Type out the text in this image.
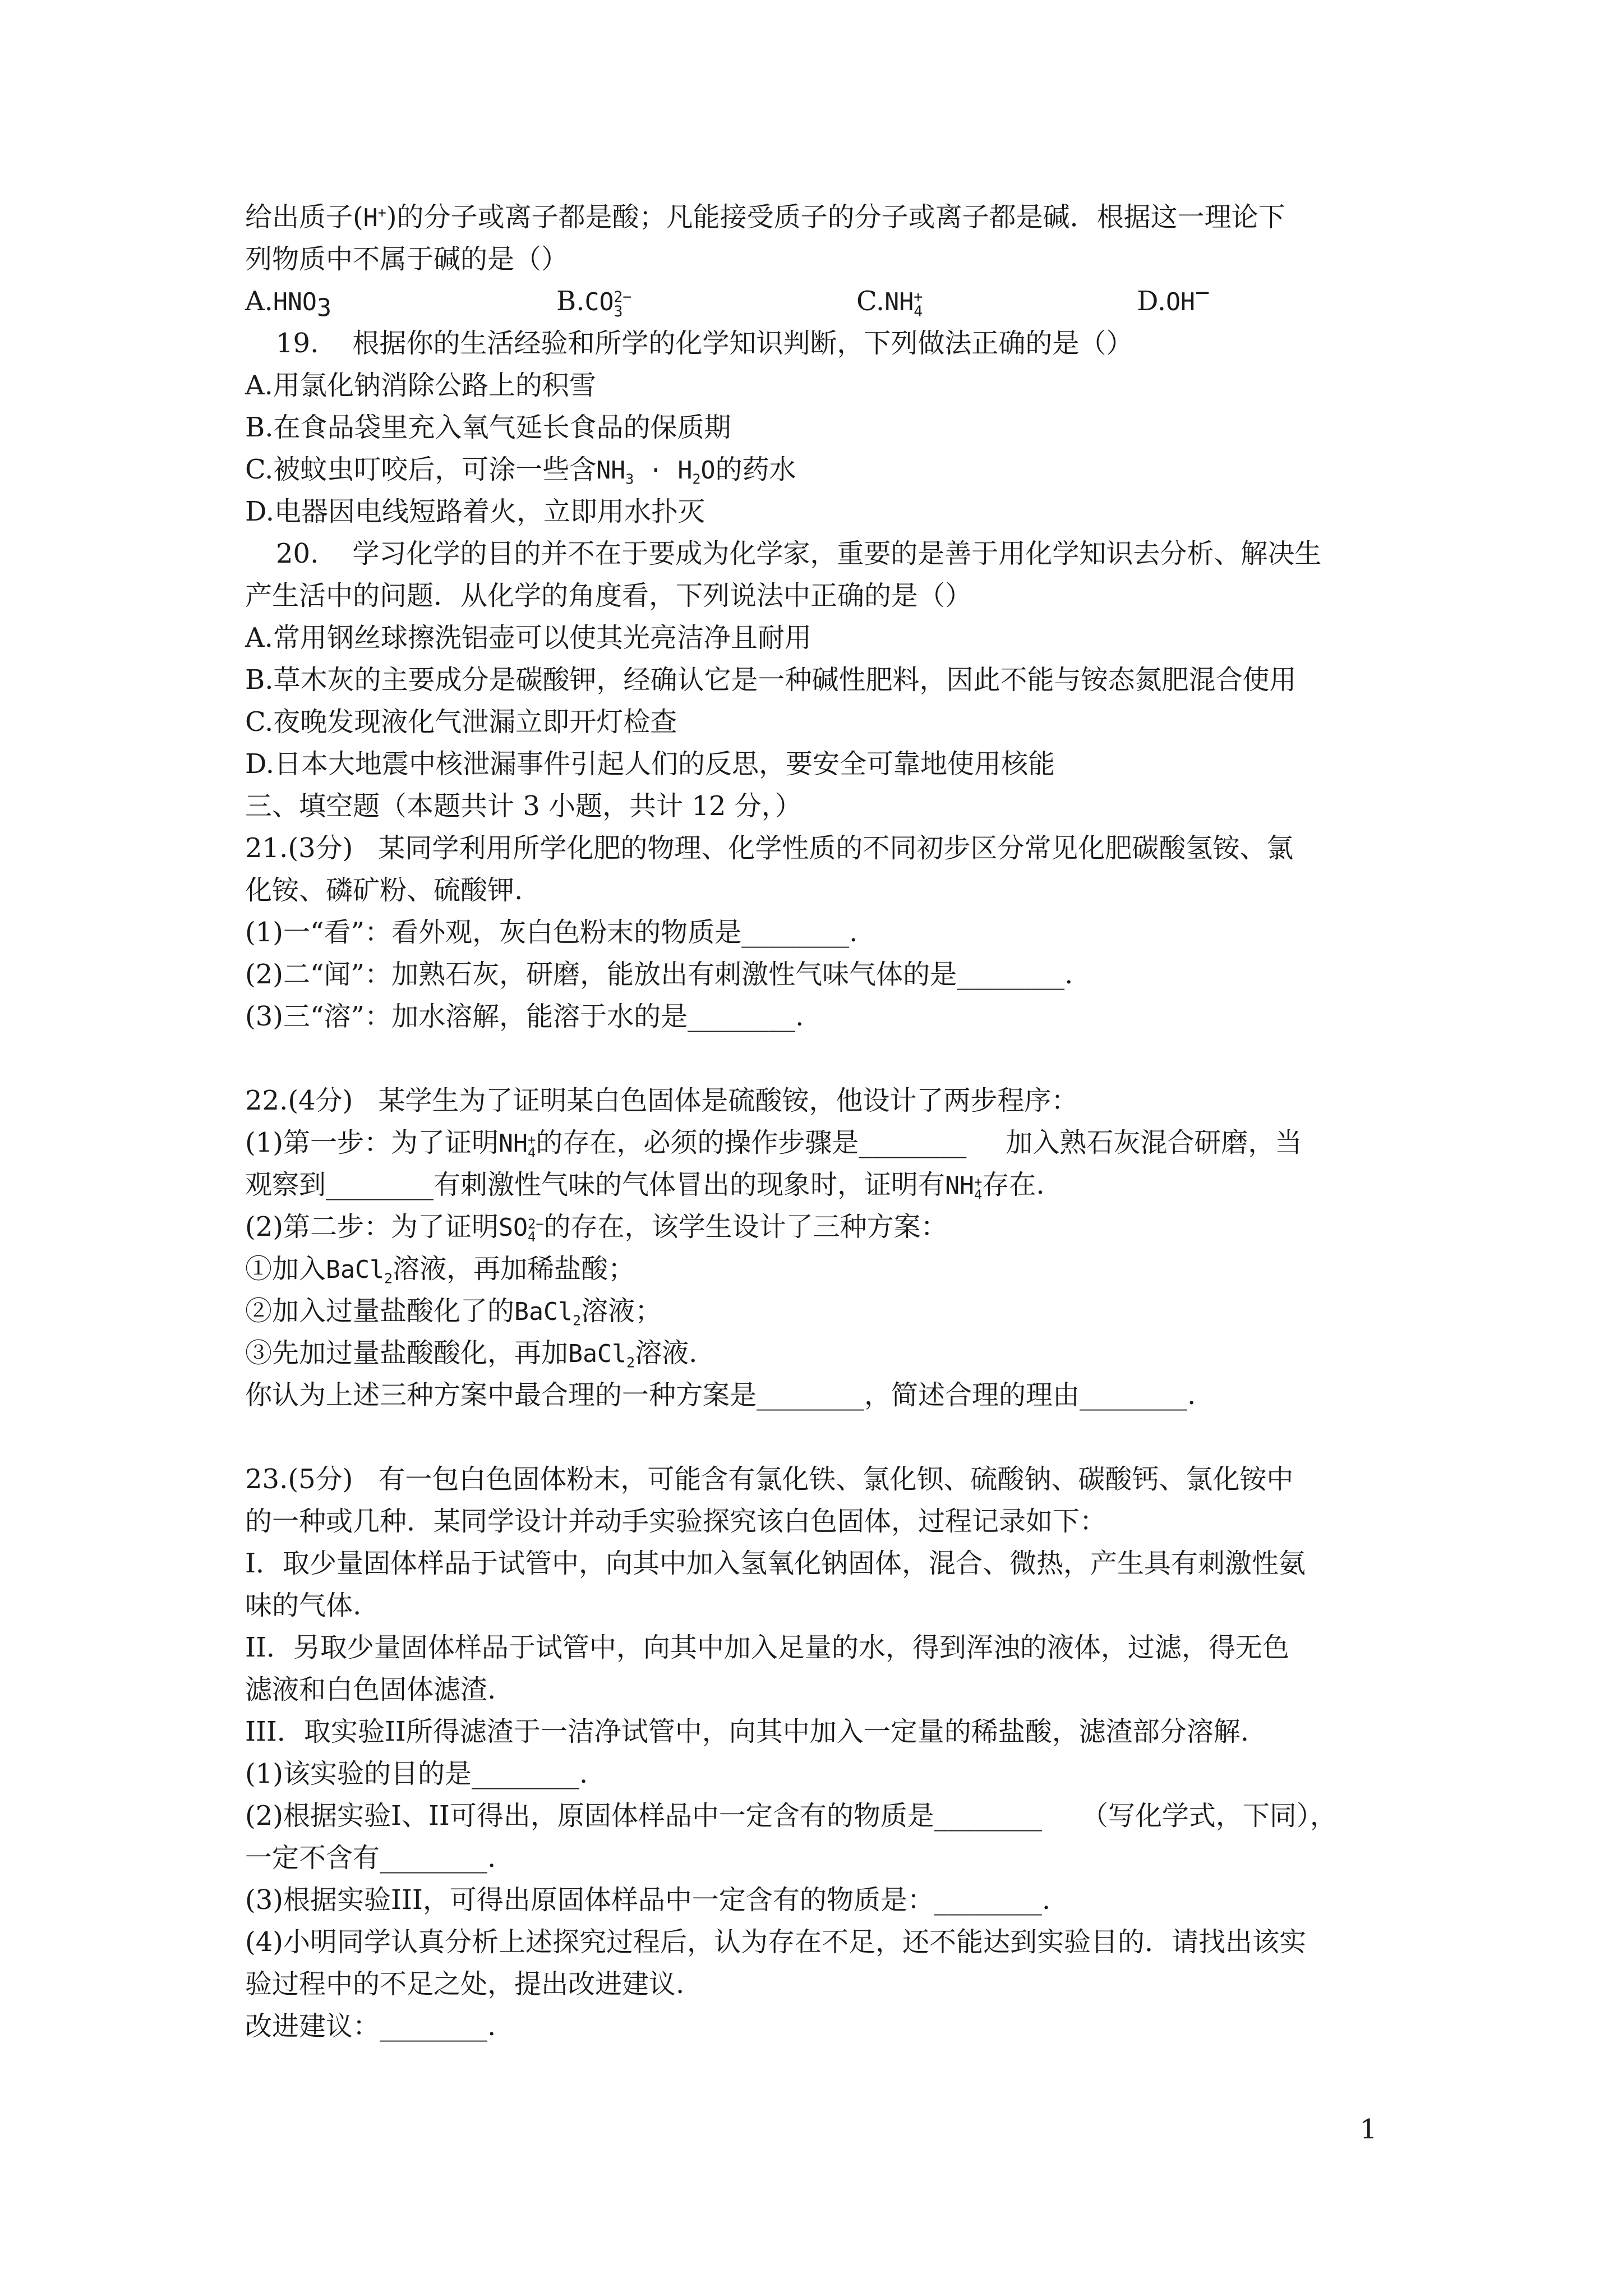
给出质子(H+)的分子或离子都是酸；凡能接受质子的分子或离子都是碱．根据这一理论下
列物质中不属于碱的是（）
$A.HNO_3$	B.CO 2−
3	C.NH +
4	D.OH−
19. 根据你的生活经验和所学的化学知识判断，下列做法正确的是（）
A.用氯化钠消除公路上的积雪
B.在食品袋里充入氧气延长食品的保质期
C.被蚊虫叮咬后，可涂一些含$NH_3 \cdot H_2O$的药水
D.电器因电线短路着火，立即用水扑灭
20. 学习化学的目的并不在于要成为化学家，重要的是善于用化学知识去分析、解决生
产生活中的问题．从化学的角度看，下列说法中正确的是（）
A.常用钢丝球擦洗铝壶可以使其光亮洁净且耐用
B.草木灰的主要成分是碳酸钾，经确认它是一种碱性肥料，因此不能与铵态氮肥混合使用
C.夜晚发现液化气泄漏立即开灯检查
D.日本大地震中核泄漏事件引起人们的反思，要安全可靠地使用核能
三、填空题（本题共计 3 小题，共计 12 分，）
21.(3分) 某同学利用所学化肥的物理、化学性质的不同初步区分常见化肥碳酸氢铵、氯
化铵、磷矿粉、硫酸钾.
(1)一“看”：看外观，灰白色粉末的物质是________.
(2)二“闻”：加熟石灰，研磨，能放出有刺激性气味气体的是________.
(3)三“溶”：加水溶解，能溶于水的是________.
22.(4分) 某学生为了证明某白色固体是硫酸铵，他设计了两步程序：
(1)第一步：为了证明NH +
4 的存在，必须的操作步骤是________ 加入熟石灰混合研磨，当
观察到________有刺激性气味的气体冒出的现象时，证明有NH +
4 存在.
(2)第二步：为了证明SO 2−
4 的存在，该学生设计了三种方案：
①加入BaCl$_2$溶液，再加稀盐酸；
②加入过量盐酸化了的BaCl$_2$溶液；
③先加过量盐酸酸化，再加BaCl$_2$溶液.
你认为上述三种方案中最合理的一种方案是________，简述合理的理由________.
23.(5分) 有一包白色固体粉末，可能含有氯化铁、氯化钡、硫酸钠、碳酸钙、氯化铵中
的一种或几种．某同学设计并动手实验探究该白色固体，过程记录如下：
I．取少量固体样品于试管中，向其中加入氢氧化钠固体，混合、微热，产生具有刺激性氨
味的气体.
II．另取少量固体样品于试管中，向其中加入足量的水，得到浑浊的液体，过滤，得无色
滤液和白色固体滤渣.
III．取实验II所得滤渣于一洁净试管中，向其中加入一定量的稀盐酸，滤渣部分溶解.
(1)该实验的目的是________.
(2)根据实验I、II可得出，原固体样品中一定含有的物质是________ （写化学式，下同），
一定不含有________.
(3)根据实验III，可得出原固体样品中一定含有的物质是：________.
(4)小明同学认真分析上述探究过程后，认为存在不足，还不能达到实验目的．请找出该实
验过程中的不足之处，提出改进建议.
改进建议：________.
1
